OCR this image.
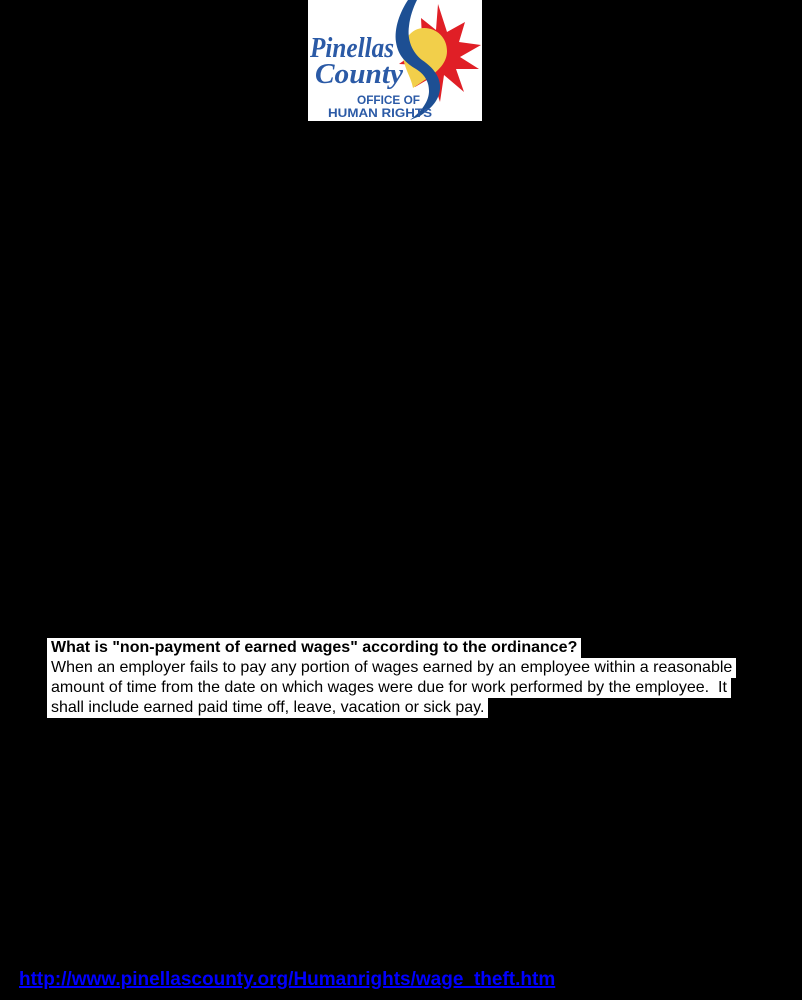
Pinellas
County
OFFICE OF
HUMAN RIGHTS
What is "non-payment of earned wages" according to the ordinance?
When an employer fails to pay any portion of wages earned by an employee within a reasonable
amount of time from the date on which wages were due for work performed by the employee.  It
shall include earned paid time off, leave, vacation or sick pay.
http://www.pinellascounty.org/Humanrights/wage_theft.htm
